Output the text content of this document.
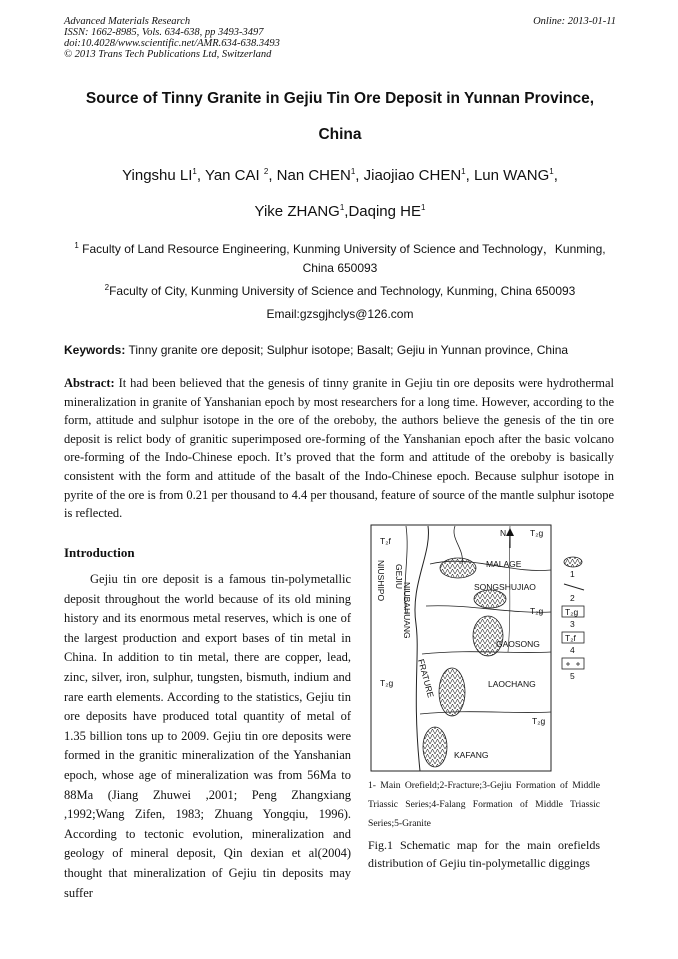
Advanced Materials Research
ISSN: 1662-8985, Vols. 634-638, pp 3493-3497
doi:10.4028/www.scientific.net/AMR.634-638.3493
© 2013 Trans Tech Publications Ltd, Switzerland
Online: 2013-01-11
Source of Tinny Granite in Gejiu Tin Ore Deposit in Yunnan Province,
China
Yingshu $LI^1$, Yan CAI $^2$, Nan CHEN$^1$, Jiaojiao CHEN$^1$, Lun WANG$^1$,
Yike ZHANG$^1$,Daqing $HE^1$
$^1$ Faculty of Land Resource Engineering, Kunming University of Science and Technology，Kunming, China 650093
$^2$Faculty of City, Kunming University of Science and Technology, Kunming, China 650093
Email:gzsgjhclys@126.com
Keywords: Tinny granite ore deposit; Sulphur isotope; Basalt; Gejiu in Yunnan province, China
Abstract: It had been believed that the genesis of tinny granite in Gejiu tin ore deposits were hydrothermal mineralization in granite of Yanshanian epoch by most researchers for a long time. However, according to the form, attitude and sulphur isotope in the ore of the oreboby, the authors believe the genesis of the tin ore deposit is relict body of granitic superimposed ore-forming of the Yanshanian epoch after the basic volcano ore-forming of the Indo-Chinese epoch. It’s proved that the form and attitude of the oreboby is basically consistent with the form and attitude of the basalt of the Indo-Chinese epoch. Because sulphur isotope in pyrite of the ore is from 0.21 per thousand to 4.4 per thousand, feature of source of the mantle sulphur isotope is reflected.
Introduction
Gejiu tin ore deposit is a famous tin-polymetallic deposit throughout the world because of its old mining history and its enormous metal reserves, which is one of the largest production and export bases of tin metal in China. In addition to tin metal, there are copper, lead, zinc, silver, iron, sulphur, tungsten, bismuth, indium and rare earth elements. According to the statistics, Gejiu tin ore deposits have produced total quantity of metal of 1.35 billion tons up to 2009. Gejiu tin ore deposits were formed in the granitic mineralization of the Yanshanian epoch, whose age of mineralization was from 56Ma to 88Ma (Jiang Zhuwei ,2001; Peng Zhangxiang ,1992;Wang Zifen, 1983; Zhuang Yongqiu, 1996). According to tectonic evolution, mineralization and geology of mineral deposit, Qin dexian et al(2004) thought that mineralization of Gejiu tin deposits may suffer
N	T₂g
T₂f
NIUSHIPO
NIUBAHUANG
GEJIU
FRATURE
MALAGE
SONGSHUJIAO
T₂g
GAOSONG
LAOCHANG
T₂g
T₂g
KAFANG
1
2
T₂g
3
T₂f
4
5
1- Main Orefield;2-Fracture;3-Gejiu Formation of Middle Triassic Series;4-Falang Formation of Middle Triassic Series;5-Granite
Fig.1 Schematic map for the main orefields distribution of Gejiu tin-polymetallic diggings
